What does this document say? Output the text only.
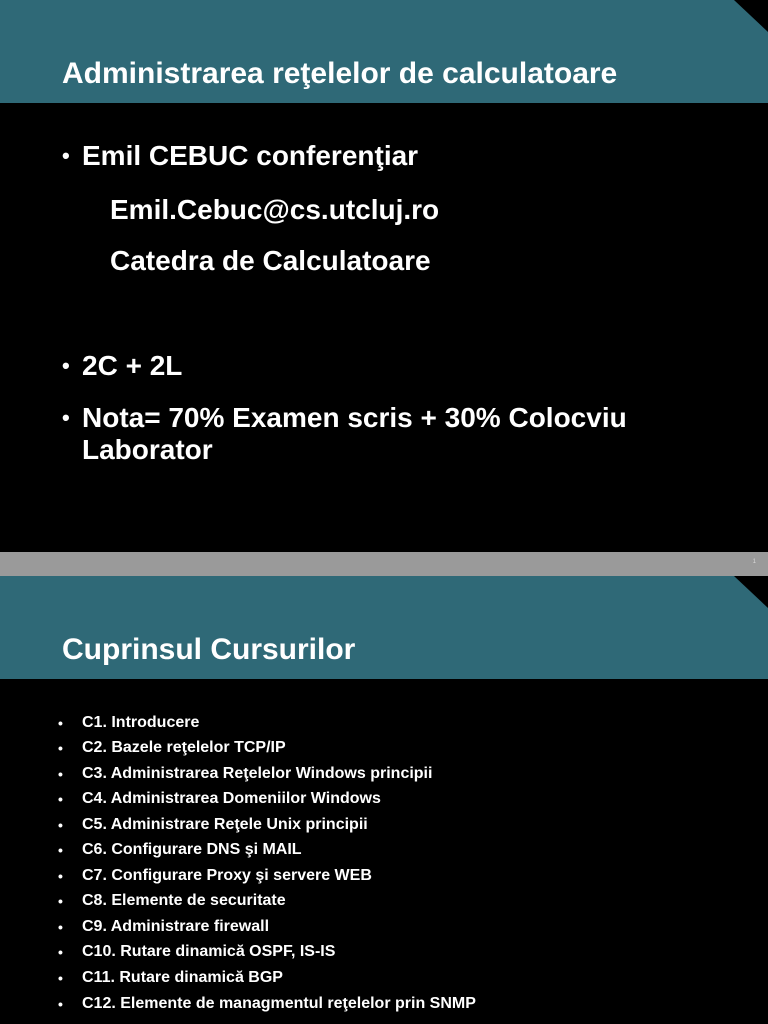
Administrarea reţelelor de calculatoare
• Emil CEBUC conferenţiar
• 2C + 2L
• Nota= 70% Examen scris + 30% Colocviu
Laborator
Emil.Cebuc@cs.utcluj.ro
Catedra de Calculatoare
1
Cuprinsul Cursurilor
• C1. Introducere
• C2. Bazele reţelelor TCP/IP
• C3. Administrarea Reţelelor Windows principii
• C4. Administrarea Domeniilor Windows
• C5. Administrare Reţele Unix principii
• C6. Configurare DNS şi MAIL
• C7. Configurare Proxy şi servere WEB
• C8. Elemente de securitate
• C9. Administrare firewall
• C10. Rutare dinamică OSPF, IS-IS
• C11. Rutare dinamică BGP
• C12. Elemente de managmentul reţelelor prin SNMP
